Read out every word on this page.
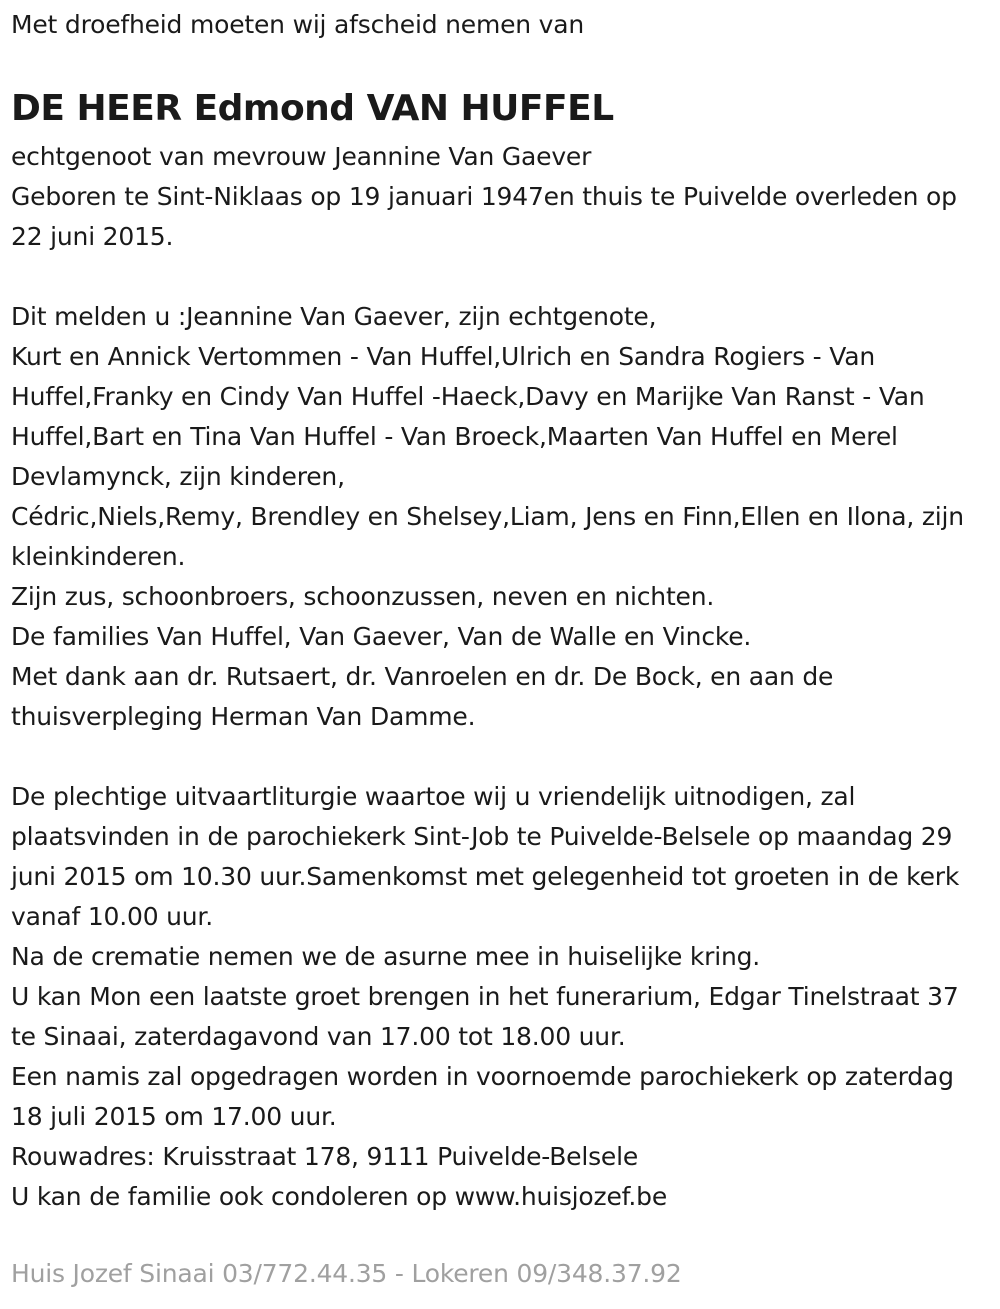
Met droefheid moeten wij afscheid nemen van
DE HEER Edmond VAN HUFFEL

echtgenoot van mevrouw Jeannine Van Gaever

Geboren te Sint-Niklaas op 19 januari 1947en thuis te Puivelde overleden op 22 juni 2015.

Dit melden u :Jeannine Van Gaever, zijn echtgenote,

Kurt en Annick Vertommen - Van Huffel,Ulrich en Sandra Rogiers - Van Huffel,Franky en Cindy Van Huffel -Haeck,Davy en Marijke Van Ranst - Van Huffel,Bart en Tina Van Huffel - Van Broeck,Maarten Van Huffel en Merel Devlamynck, zijn kinderen,

Cédric,Niels,Remy, Brendley en Shelsey,Liam, Jens en Finn,Ellen en Ilona, zijn kleinkinderen.

Zijn zus, schoonbroers, schoonzussen, neven en nichten.

De families Van Huffel, Van Gaever, Van de Walle en Vincke.

Met dank aan dr. Rutsaert, dr. Vanroelen en dr. De Bock, en aan de thuisverpleging Herman Van Damme.

De plechtige uitvaartliturgie waartoe wij u vriendelijk uitnodigen, zal plaatsvinden in de parochiekerk Sint-Job te Puivelde-Belsele op maandag 29 juni 2015 om 10.30 uur.Samenkomst met gelegenheid tot groeten in de kerk vanaf 10.00 uur.

Na de crematie nemen we de asurne mee in huiselijke kring.

U kan Mon een laatste groet brengen in het funerarium, Edgar Tinelstraat 37 te Sinaai, zaterdagavond van 17.00 tot 18.00 uur.

Een namis zal opgedragen worden in voornoemde parochiekerk op zaterdag 18 juli 2015 om 17.00 uur.

Rouwadres: Kruisstraat 178, 9111 Puivelde-Belsele

U kan de familie ook condoleren op www.huisjozef.be

Huis Jozef Sinaai 03/772.44.35 - Lokeren 09/348.37.92
